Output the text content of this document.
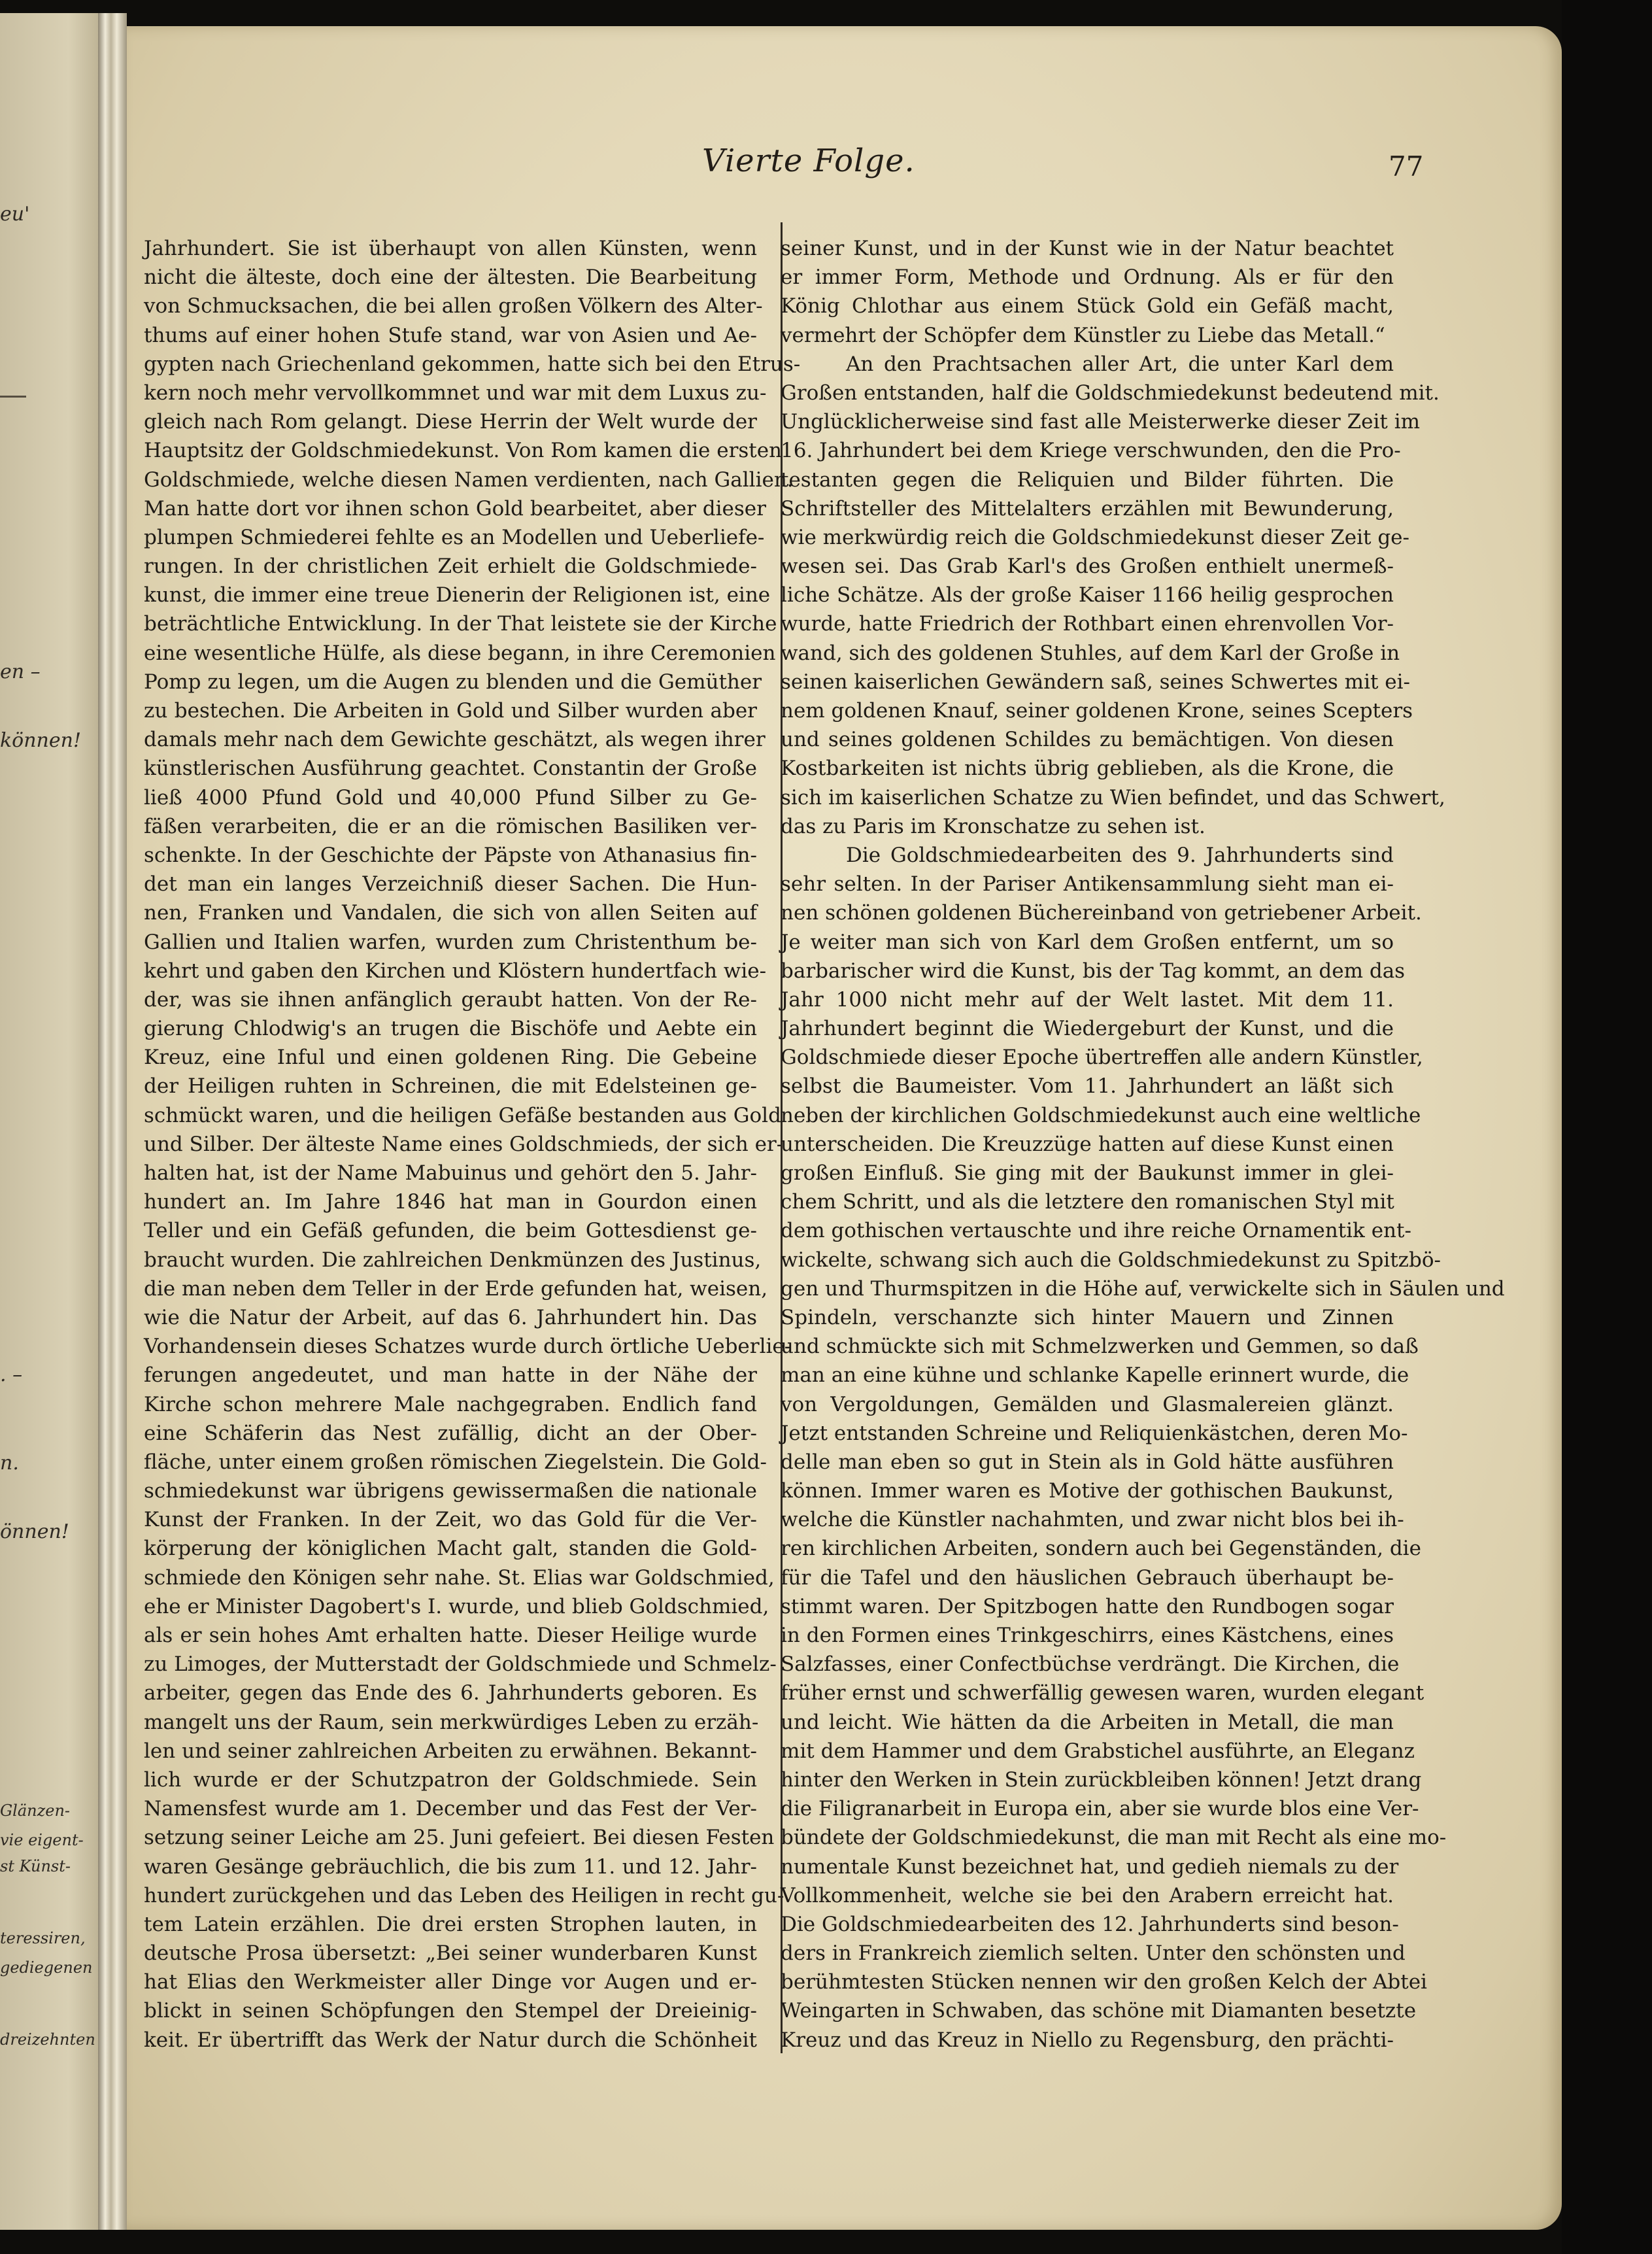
eu'
en –
können!
. –
n.
önnen!
Glänzen-
vie eigent-
st Künst-
teressiren,
gediegenen
dreizehnten
Vierte Folge.	77
Jahrhundert. Sie ist überhaupt von allen Künsten, wenn
nicht die älteste, doch eine der ältesten. Die Bearbeitung
von Schmucksachen, die bei allen großen Völkern des Alter-
thums auf einer hohen Stufe stand, war von Asien und Ae-
gypten nach Griechenland gekommen, hatte sich bei den Etrus-
kern noch mehr vervollkommnet und war mit dem Luxus zu-
gleich nach Rom gelangt. Diese Herrin der Welt wurde der
Hauptsitz der Goldschmiedekunst. Von Rom kamen die ersten
Goldschmiede, welche diesen Namen verdienten, nach Gallien.
Man hatte dort vor ihnen schon Gold bearbeitet, aber dieser
plumpen Schmiederei fehlte es an Modellen und Ueberliefe-
rungen. In der christlichen Zeit erhielt die Goldschmiede-
kunst, die immer eine treue Dienerin der Religionen ist, eine
beträchtliche Entwicklung. In der That leistete sie der Kirche
eine wesentliche Hülfe, als diese begann, in ihre Ceremonien
Pomp zu legen, um die Augen zu blenden und die Gemüther
zu bestechen. Die Arbeiten in Gold und Silber wurden aber
damals mehr nach dem Gewichte geschätzt, als wegen ihrer
künstlerischen Ausführung geachtet. Constantin der Große
ließ 4000 Pfund Gold und 40,000 Pfund Silber zu Ge-
fäßen verarbeiten, die er an die römischen Basiliken ver-
schenkte. In der Geschichte der Päpste von Athanasius fin-
det man ein langes Verzeichniß dieser Sachen. Die Hun-
nen, Franken und Vandalen, die sich von allen Seiten auf
Gallien und Italien warfen, wurden zum Christenthum be-
kehrt und gaben den Kirchen und Klöstern hundertfach wie-
der, was sie ihnen anfänglich geraubt hatten. Von der Re-
gierung Chlodwig's an trugen die Bischöfe und Aebte ein
Kreuz, eine Inful und einen goldenen Ring. Die Gebeine
der Heiligen ruhten in Schreinen, die mit Edelsteinen ge-
schmückt waren, und die heiligen Gefäße bestanden aus Gold
und Silber. Der älteste Name eines Goldschmieds, der sich er-
halten hat, ist der Name Mabuinus und gehört den 5. Jahr-
hundert an. Im Jahre 1846 hat man in Gourdon einen
Teller und ein Gefäß gefunden, die beim Gottesdienst ge-
braucht wurden. Die zahlreichen Denkmünzen des Justinus,
die man neben dem Teller in der Erde gefunden hat, weisen,
wie die Natur der Arbeit, auf das 6. Jahrhundert hin. Das
Vorhandensein dieses Schatzes wurde durch örtliche Ueberlie-
ferungen angedeutet, und man hatte in der Nähe der
Kirche schon mehrere Male nachgegraben. Endlich fand
eine Schäferin das Nest zufällig, dicht an der Ober-
fläche, unter einem großen römischen Ziegelstein. Die Gold-
schmiedekunst war übrigens gewissermaßen die nationale
Kunst der Franken. In der Zeit, wo das Gold für die Ver-
körperung der königlichen Macht galt, standen die Gold-
schmiede den Königen sehr nahe. St. Elias war Goldschmied,
ehe er Minister Dagobert's I. wurde, und blieb Goldschmied,
als er sein hohes Amt erhalten hatte. Dieser Heilige wurde
zu Limoges, der Mutterstadt der Goldschmiede und Schmelz-
arbeiter, gegen das Ende des 6. Jahrhunderts geboren. Es
mangelt uns der Raum, sein merkwürdiges Leben zu erzäh-
len und seiner zahlreichen Arbeiten zu erwähnen. Bekannt-
lich wurde er der Schutzpatron der Goldschmiede. Sein
Namensfest wurde am 1. December und das Fest der Ver-
setzung seiner Leiche am 25. Juni gefeiert. Bei diesen Festen
waren Gesänge gebräuchlich, die bis zum 11. und 12. Jahr-
hundert zurückgehen und das Leben des Heiligen in recht gu-
tem Latein erzählen. Die drei ersten Strophen lauten, in
deutsche Prosa übersetzt: „Bei seiner wunderbaren Kunst
hat Elias den Werkmeister aller Dinge vor Augen und er-
blickt in seinen Schöpfungen den Stempel der Dreieinig-
keit. Er übertrifft das Werk der Natur durch die Schönheit
seiner Kunst, und in der Kunst wie in der Natur beachtet
er immer Form, Methode und Ordnung. Als er für den
König Chlothar aus einem Stück Gold ein Gefäß macht,
vermehrt der Schöpfer dem Künstler zu Liebe das Metall.“
An den Prachtsachen aller Art, die unter Karl dem
Großen entstanden, half die Goldschmiedekunst bedeutend mit.
Unglücklicherweise sind fast alle Meisterwerke dieser Zeit im
16. Jahrhundert bei dem Kriege verschwunden, den die Pro-
testanten gegen die Reliquien und Bilder führten. Die
Schriftsteller des Mittelalters erzählen mit Bewunderung,
wie merkwürdig reich die Goldschmiedekunst dieser Zeit ge-
wesen sei. Das Grab Karl's des Großen enthielt unermeß-
liche Schätze. Als der große Kaiser 1166 heilig gesprochen
wurde, hatte Friedrich der Rothbart einen ehrenvollen Vor-
wand, sich des goldenen Stuhles, auf dem Karl der Große in
seinen kaiserlichen Gewändern saß, seines Schwertes mit ei-
nem goldenen Knauf, seiner goldenen Krone, seines Scepters
und seines goldenen Schildes zu bemächtigen. Von diesen
Kostbarkeiten ist nichts übrig geblieben, als die Krone, die
sich im kaiserlichen Schatze zu Wien befindet, und das Schwert,
das zu Paris im Kronschatze zu sehen ist.
Die Goldschmiedearbeiten des 9. Jahrhunderts sind
sehr selten. In der Pariser Antikensammlung sieht man ei-
nen schönen goldenen Büchereinband von getriebener Arbeit.
Je weiter man sich von Karl dem Großen entfernt, um so
barbarischer wird die Kunst, bis der Tag kommt, an dem das
Jahr 1000 nicht mehr auf der Welt lastet. Mit dem 11.
Jahrhundert beginnt die Wiedergeburt der Kunst, und die
Goldschmiede dieser Epoche übertreffen alle andern Künstler,
selbst die Baumeister. Vom 11. Jahrhundert an läßt sich
neben der kirchlichen Goldschmiedekunst auch eine weltliche
unterscheiden. Die Kreuzzüge hatten auf diese Kunst einen
großen Einfluß. Sie ging mit der Baukunst immer in glei-
chem Schritt, und als die letztere den romanischen Styl mit
dem gothischen vertauschte und ihre reiche Ornamentik ent-
wickelte, schwang sich auch die Goldschmiedekunst zu Spitzbö-
gen und Thurmspitzen in die Höhe auf, verwickelte sich in Säulen und
Spindeln, verschanzte sich hinter Mauern und Zinnen
und schmückte sich mit Schmelzwerken und Gemmen, so daß
man an eine kühne und schlanke Kapelle erinnert wurde, die
von Vergoldungen, Gemälden und Glasmalereien glänzt.
Jetzt entstanden Schreine und Reliquienkästchen, deren Mo-
delle man eben so gut in Stein als in Gold hätte ausführen
können. Immer waren es Motive der gothischen Baukunst,
welche die Künstler nachahmten, und zwar nicht blos bei ih-
ren kirchlichen Arbeiten, sondern auch bei Gegenständen, die
für die Tafel und den häuslichen Gebrauch überhaupt be-
stimmt waren. Der Spitzbogen hatte den Rundbogen sogar
in den Formen eines Trinkgeschirrs, eines Kästchens, eines
Salzfasses, einer Confectbüchse verdrängt. Die Kirchen, die
früher ernst und schwerfällig gewesen waren, wurden elegant
und leicht. Wie hätten da die Arbeiten in Metall, die man
mit dem Hammer und dem Grabstichel ausführte, an Eleganz
hinter den Werken in Stein zurückbleiben können! Jetzt drang
die Filigranarbeit in Europa ein, aber sie wurde blos eine Ver-
bündete der Goldschmiedekunst, die man mit Recht als eine mo-
numentale Kunst bezeichnet hat, und gedieh niemals zu der
Vollkommenheit, welche sie bei den Arabern erreicht hat.
Die Goldschmiedearbeiten des 12. Jahrhunderts sind beson-
ders in Frankreich ziemlich selten. Unter den schönsten und
berühmtesten Stücken nennen wir den großen Kelch der Abtei
Weingarten in Schwaben, das schöne mit Diamanten besetzte
Kreuz und das Kreuz in Niello zu Regensburg, den prächti-
